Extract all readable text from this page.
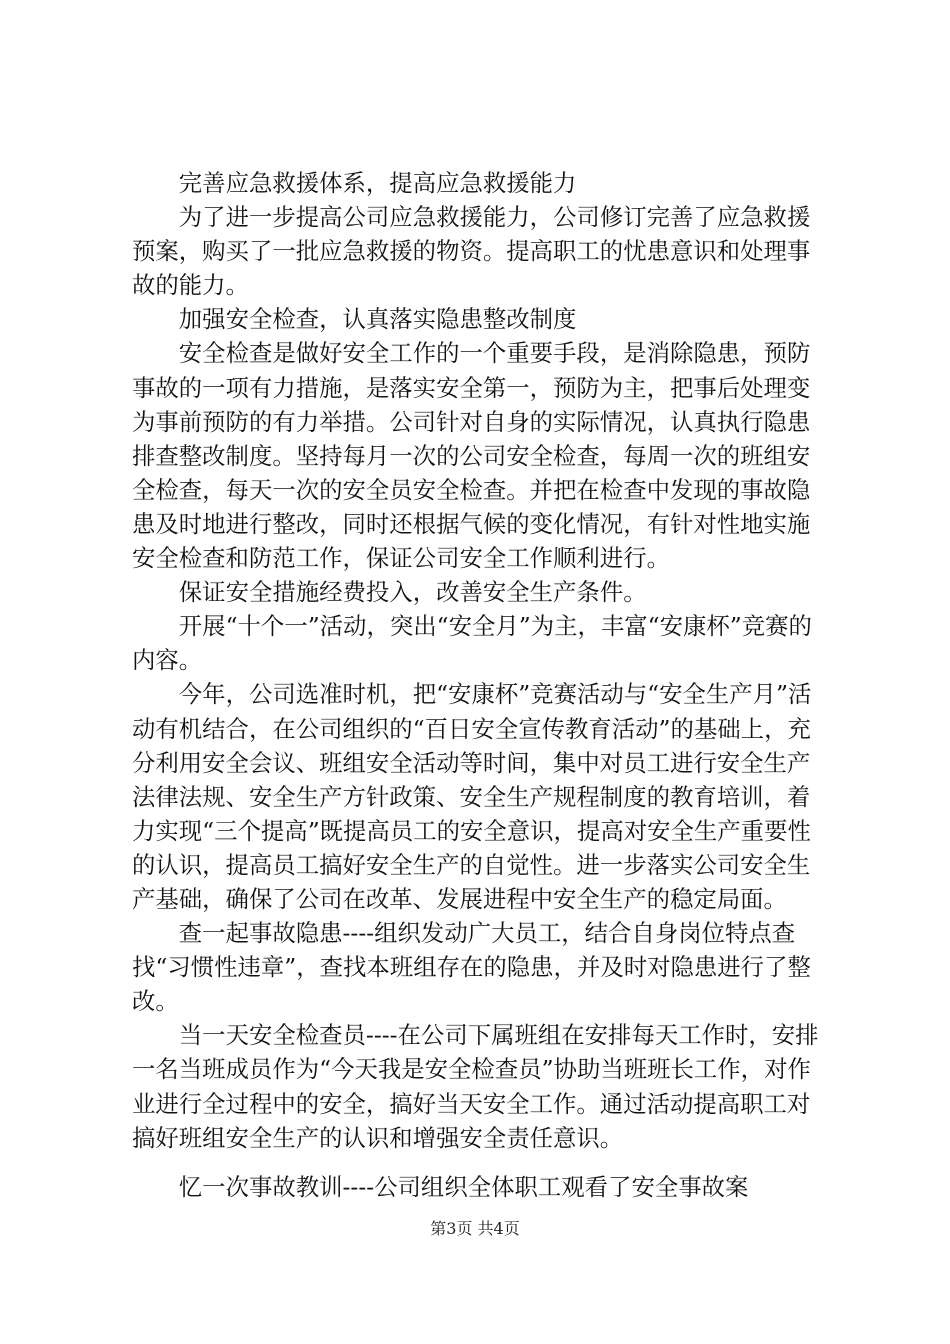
完善应急救援体系，提高应急救援能力

为了进一步提高公司应急救援能力，公司修订完善了应急救援预案，购买了一批应急救援的物资。提高职工的忧患意识和处理事故的能力。

加强安全检查，认真落实隐患整改制度

安全检查是做好安全工作的一个重要手段，是消除隐患，预防事故的一项有力措施，是落实安全第一，预防为主，把事后处理变为事前预防的有力举措。公司针对自身的实际情况，认真执行隐患排查整改制度。坚持每月一次的公司安全检查，每周一次的班组安全检查，每天一次的安全员安全检查。并把在检查中发现的事故隐患及时地进行整改，同时还根据气候的变化情况，有针对性地实施安全检查和防范工作，保证公司安全工作顺利进行。

保证安全措施经费投入，改善安全生产条件。

开展“十个一”活动，突出“安全月”为主，丰富“安康杯”竞赛的内容。

今年，公司选准时机，把“安康杯”竞赛活动与“安全生产月”活动有机结合，在公司组织的“百日安全宣传教育活动”的基础上，充分利用安全会议、班组安全活动等时间，集中对员工进行安全生产法律法规、安全生产方针政策、安全生产规程制度的教育培训，着力实现“三个提高”既提高员工的安全意识，提高对安全生产重要性的认识，提高员工搞好安全生产的自觉性。进一步落实公司安全生产基础，确保了公司在改革、发展进程中安全生产的稳定局面。

查一起事故隐患----组织发动广大员工，结合自身岗位特点查找“习惯性违章”，查找本班组存在的隐患，并及时对隐患进行了整改。

当一天安全检查员----在公司下属班组在安排每天工作时，安排一名当班成员作为“今天我是安全检查员”协助当班班长工作，对作业进行全过程中的安全，搞好当天安全工作。通过活动提高职工对搞好班组安全生产的认识和增强安全责任意识。

忆一次事故教训----公司组织全体职工观看了安全事故案

第3页 共4页
